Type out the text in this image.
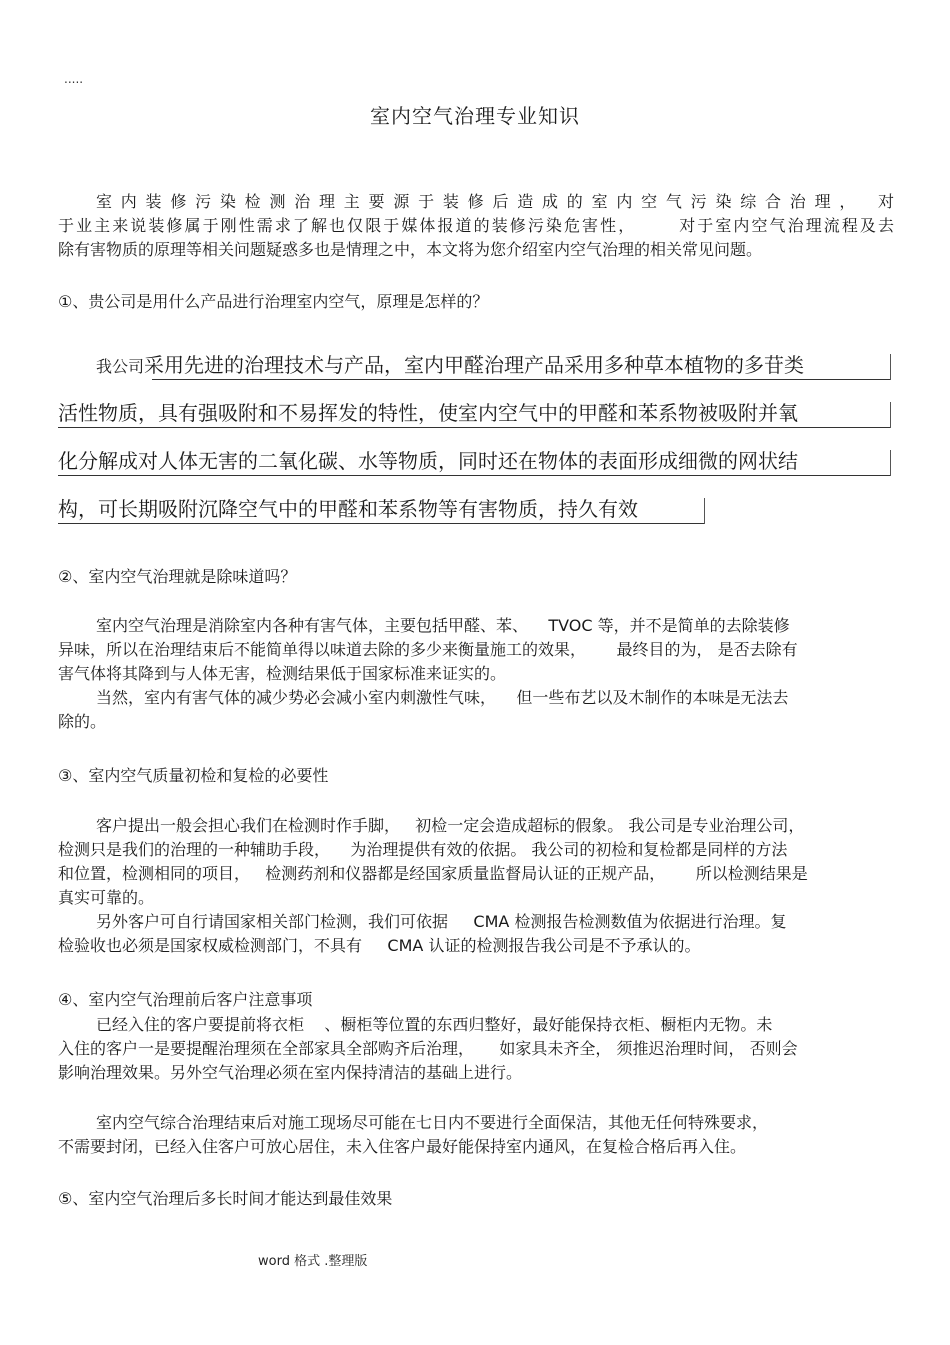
.....
室内空气治理专业知识

室内装修污染检测治理主要源于装修后造成的室内空气污染综合治理， 对

于业主来说装修属于刚性需求了解也仅限于媒体报道的装修污染危害性，      对于室内空气治理流程及去

除有害物质的原理等相关问题疑惑多也是情理之中，本文将为您介绍室内空气治理的相关常见问题。

①、贵公司是用什么产品进行治理室内空气，原理是怎样的？
我公司采用先进的治理技术与产品，室内甲醛治理产品采用多种草本植物的多苷类
活性物质，具有强吸附和不易挥发的特性，使室内空气中的甲醛和苯系物被吸附并氧
化分解成对人体无害的二氧化碳、水等物质，同时还在物体的表面形成细微的网状结
构，可长期吸附沉降空气中的甲醛和苯系物等有害物质，持久有效
②、室内空气治理就是除味道吗？

室内空气治理是消除室内各种有害气体，主要包括甲醛、苯、    TVOC 等，并不是简单的去除装修

异味，所以在治理结束后不能简单得以味道去除的多少来衡量施工的效果，      最终目的为， 是否去除有

害气体将其降到与人体无害，检测结果低于国家标准来证实的。

当然，室内有害气体的减少势必会减小室内刺激性气味，    但一些布艺以及木制作的本味是无法去

除的。

③、室内空气质量初检和复检的必要性

客户提出一般会担心我们在检测时作手脚，   初检一定会造成超标的假象。 我公司是专业治理公司，

检测只是我们的治理的一种辅助手段，    为治理提供有效的依据。 我公司的初检和复检都是同样的方法

和位置，检测相同的项目，   检测药剂和仪器都是经国家质量监督局认证的正规产品，      所以检测结果是

真实可靠的。

另外客户可自行请国家相关部门检测，我们可依据     CMA 检测报告检测数值为依据进行治理。复

检验收也必须是国家权威检测部门，不具有     CMA 认证的检测报告我公司是不予承认的。

④、室内空气治理前后客户注意事项

已经入住的客户要提前将衣柜    、橱柜等位置的东西归整好，最好能保持衣柜、橱柜内无物。未

入住的客户一是要提醒治理须在全部家具全部购齐后治理，     如家具未齐全， 须推迟治理时间， 否则会

影响治理效果。另外空气治理必须在室内保持清洁的基础上进行。

室内空气综合治理结束后对施工现场尽可能在七日内不要进行全面保洁，其他无任何特殊要求，

不需要封闭，已经入住客户可放心居住，未入住客户最好能保持室内通风，在复检合格后再入住。

⑤、室内空气治理后多长时间才能达到最佳效果
word 格式 .整理版
